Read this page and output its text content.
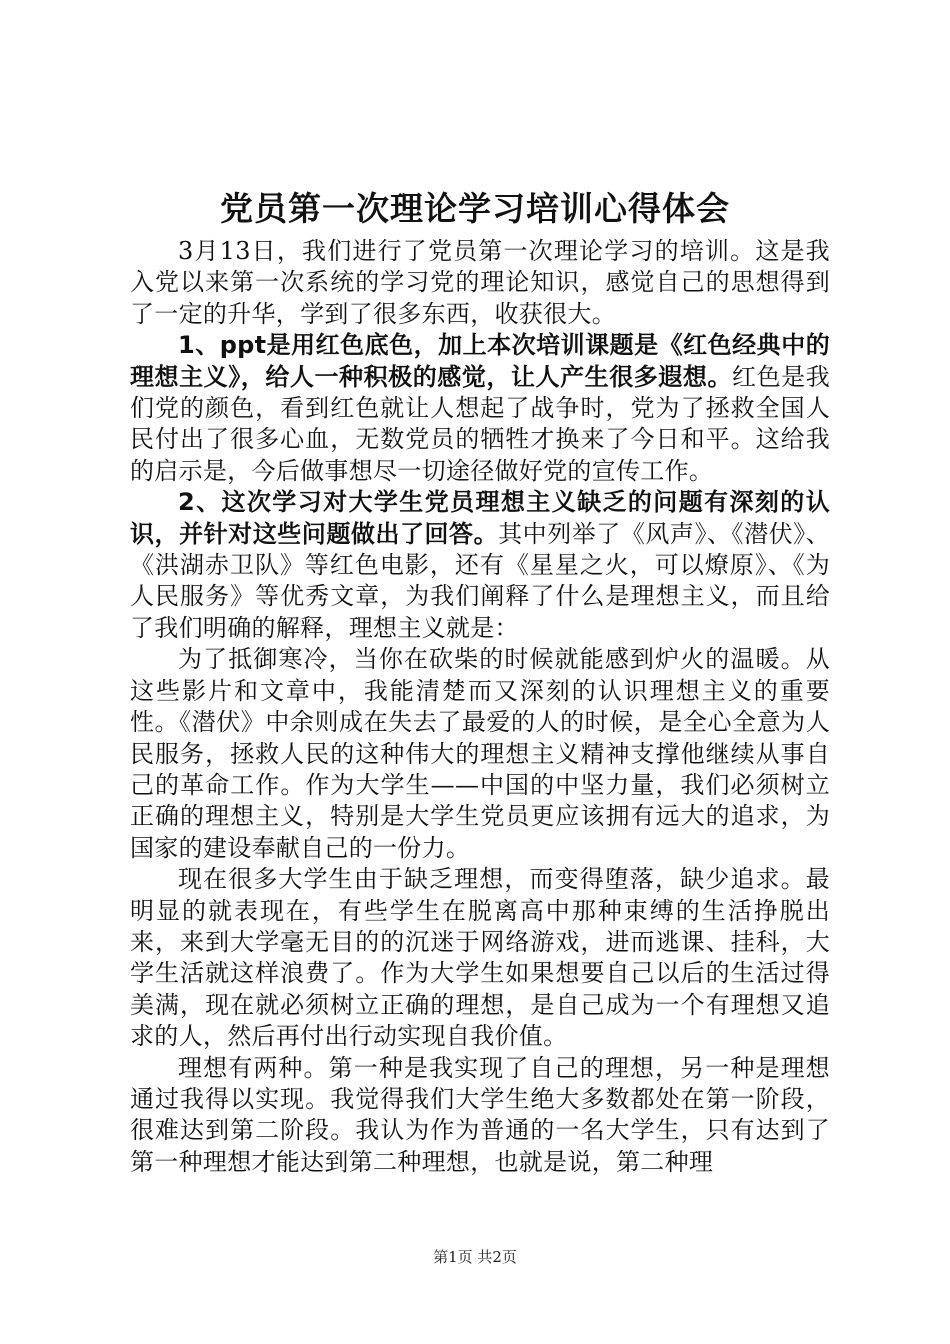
党员第一次理论学习培训心得体会

3月13日，我们进行了党员第一次理论学习的培训。这是我入党以来第一次系统的学习党的理论知识，感觉自己的思想得到了一定的升华，学到了很多东西，收获很大。

1、ppt是用红色底色，加上本次培训课题是《红色经典中的理想主义》，给人一种积极的感觉，让人产生很多遐想。红色是我们党的颜色，看到红色就让人想起了战争时，党为了拯救全国人民付出了很多心血，无数党员的牺牲才换来了今日和平。这给我的启示是，今后做事想尽一切途径做好党的宣传工作。

2、这次学习对大学生党员理想主义缺乏的问题有深刻的认识，并针对这些问题做出了回答。其中列举了《风声》、《潜伏》、《洪湖赤卫队》等红色电影，还有《星星之火，可以燎原》、《为人民服务》等优秀文章，为我们阐释了什么是理想主义，而且给了我们明确的解释，理想主义就是：

为了抵御寒冷，当你在砍柴的时候就能感到炉火的温暖。从这些影片和文章中，我能清楚而又深刻的认识理想主义的重要性。《潜伏》中余则成在失去了最爱的人的时候，是全心全意为人民服务，拯救人民的这种伟大的理想主义精神支撑他继续从事自己的革命工作。作为大学生——中国的中坚力量，我们必须树立正确的理想主义，特别是大学生党员更应该拥有远大的追求，为国家的建设奉献自己的一份力。

现在很多大学生由于缺乏理想，而变得堕落，缺少追求。最明显的就表现在，有些学生在脱离高中那种束缚的生活挣脱出来，来到大学毫无目的的沉迷于网络游戏，进而逃课、挂科，大学生活就这样浪费了。作为大学生如果想要自己以后的生活过得美满，现在就必须树立正确的理想，是自己成为一个有理想又追求的人，然后再付出行动实现自我价值。

理想有两种。第一种是我实现了自己的理想，另一种是理想通过我得以实现。我觉得我们大学生绝大多数都处在第一阶段，很难达到第二阶段。我认为作为普通的一名大学生，只有达到了第一种理想才能达到第二种理想，也就是说，第二种理

第1页 共2页
